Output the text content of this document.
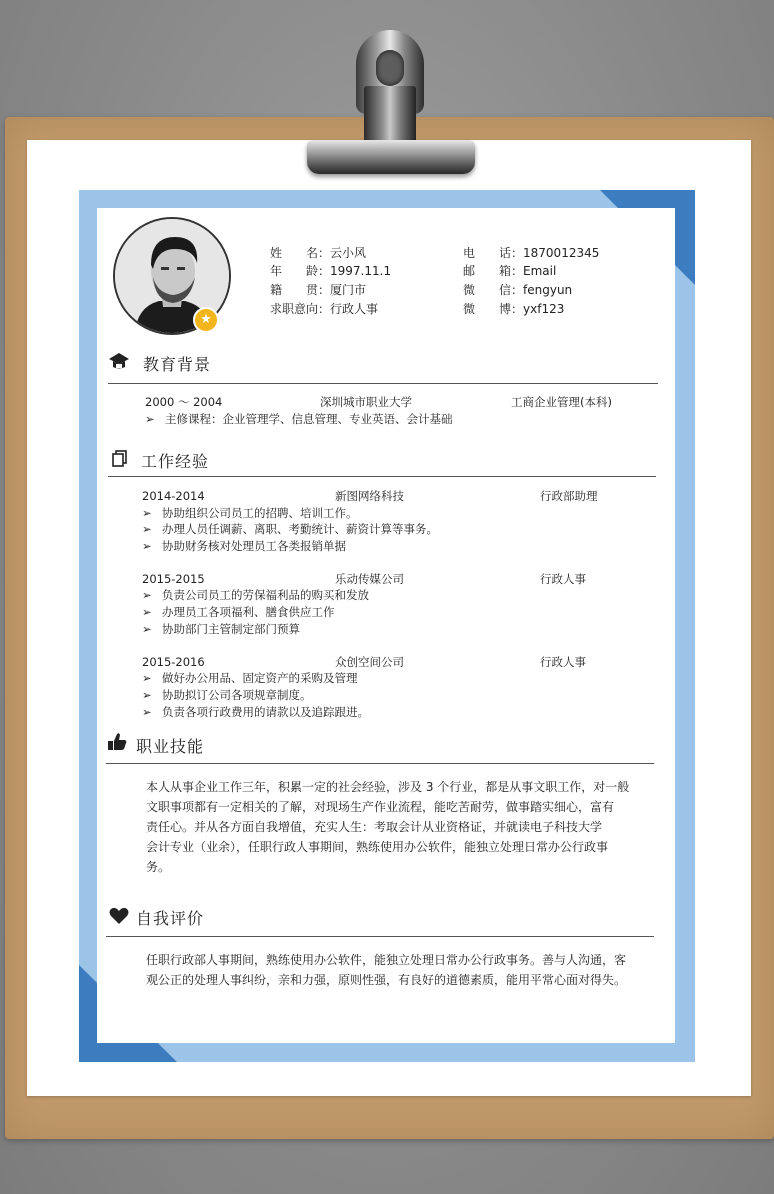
★
姓　　名：云小风
年　　龄：1997.11.1
籍　　贯：厦门市
求职意向：行政人事
电　　话：1870012345
邮　　箱：Email
微　　信：fengyun
微　　博：yxf123
教育背景
2000 ～ 2004	深圳城市职业大学	工商企业管理(本科)
➢ 主修课程：企业管理学、信息管理、专业英语、会计基础
工作经验
2014-2014	新图网络科技	行政部助理
➢ 协助组织公司员工的招聘、培训工作。
➢ 办理人员任调薪、离职、考勤统计、薪资计算等事务。
➢ 协助财务核对处理员工各类报销单据
2015-2015	乐动传媒公司	行政人事
➢ 负责公司员工的劳保福利品的购买和发放
➢ 办理员工各项福利、膳食供应工作
➢ 协助部门主管制定部门预算
2015-2016	众创空间公司	行政人事
➢ 做好办公用品、固定资产的采购及管理
➢ 协助拟订公司各项规章制度。
➢ 负责各项行政费用的请款以及追踪跟进。
职业技能
本人从事企业工作三年，积累一定的社会经验，涉及 3 个行业，都是从事文职工作，对一般
文职事项都有一定相关的了解，对现场生产作业流程，能吃苦耐劳，做事踏实细心，富有
责任心。并从各方面自我增值，充实人生：考取会计从业资格证，并就读电子科技大学
会计专业（业余），任职行政人事期间，熟练使用办公软件，能独立处理日常办公行政事
务。
自我评价
任职行政部人事期间，熟练使用办公软件，能独立处理日常办公行政事务。善与人沟通，客
观公正的处理人事纠纷，亲和力强，原则性强，有良好的道德素质，能用平常心面对得失。
